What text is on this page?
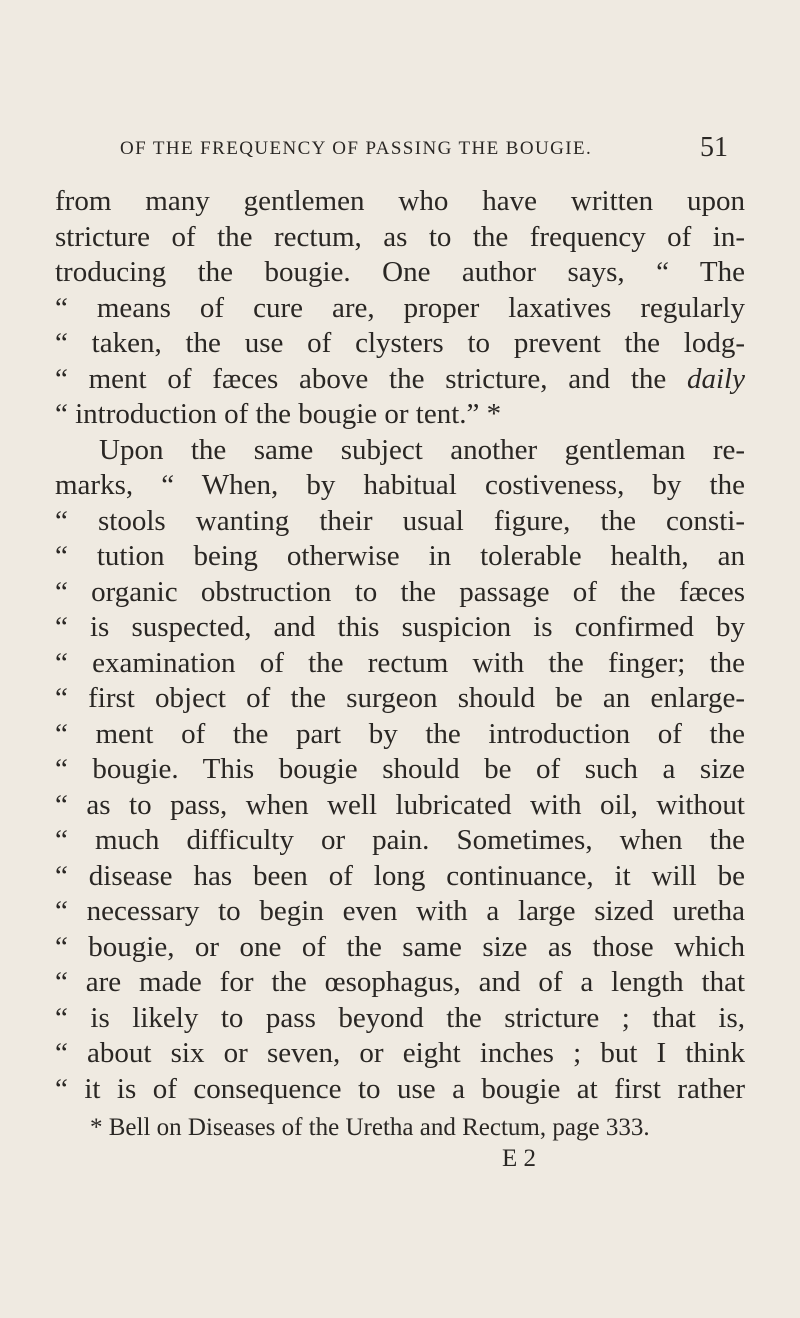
OF THE FREQUENCY OF PASSING THE BOUGIE.	51
from many gentlemen who have written upon
stricture of the rectum, as to the frequency of in-
troducing the bougie. One author says, “ The
“ means of cure are, proper laxatives regularly
“ taken, the use of clysters to prevent the lodg-
“ ment of fæces above the stricture, and the daily
“ introduction of the bougie or tent.” *
Upon the same subject another gentleman re-
marks, “ When, by habitual costiveness, by the
“ stools wanting their usual figure, the consti-
“ tution being otherwise in tolerable health, an
“ organic obstruction to the passage of the fæces
“ is suspected, and this suspicion is confirmed by
“ examination of the rectum with the finger; the
“ first object of the surgeon should be an enlarge-
“ ment of the part by the introduction of the
“ bougie. This bougie should be of such a size
“ as to pass, when well lubricated with oil, without
“ much difficulty or pain. Sometimes, when the
“ disease has been of long continuance, it will be
“ necessary to begin even with a large sized uretha
“ bougie, or one of the same size as those which
“ are made for the œsophagus, and of a length that
“ is likely to pass beyond the stricture ; that is,
“ about six or seven, or eight inches ; but I think
“ it is of consequence to use a bougie at first rather
* Bell on Diseases of the Uretha and Rectum, page 333.
E 2
